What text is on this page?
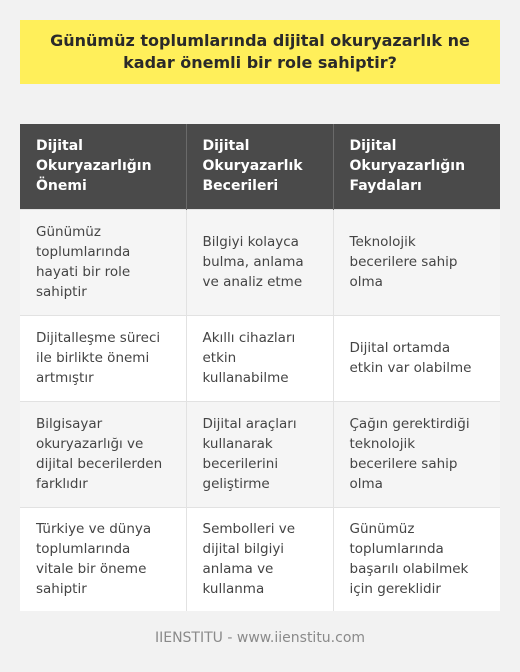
Günümüz toplumlarında dijital okuryazarlık ne kadar önemli bir role sahiptir?
Dijital Okuryazarlığın Önemi	Dijital Okuryazarlık Becerileri	Dijital Okuryazarlığın Faydaları
Günümüz toplumlarında hayati bir role sahiptir	Bilgiyi kolayca bulma, anlama ve analiz etme	Teknolojik becerilere sahip olma
Dijitalleşme süreci ile birlikte önemi artmıştır	Akıllı cihazları etkin kullanabilme	Dijital ortamda etkin var olabilme
Bilgisayar okuryazarlığı ve dijital becerilerden farklıdır	Dijital araçları kullanarak becerilerini geliştirme	Çağın gerektirdiği teknolojik becerilere sahip olma
Türkiye ve dünya toplumlarında vitale bir öneme sahiptir	Sembolleri ve dijital bilgiyi anlama ve kullanma	Günümüz toplumlarında başarılı olabilmek için gereklidir
IIENSTITU - www.iienstitu.com
